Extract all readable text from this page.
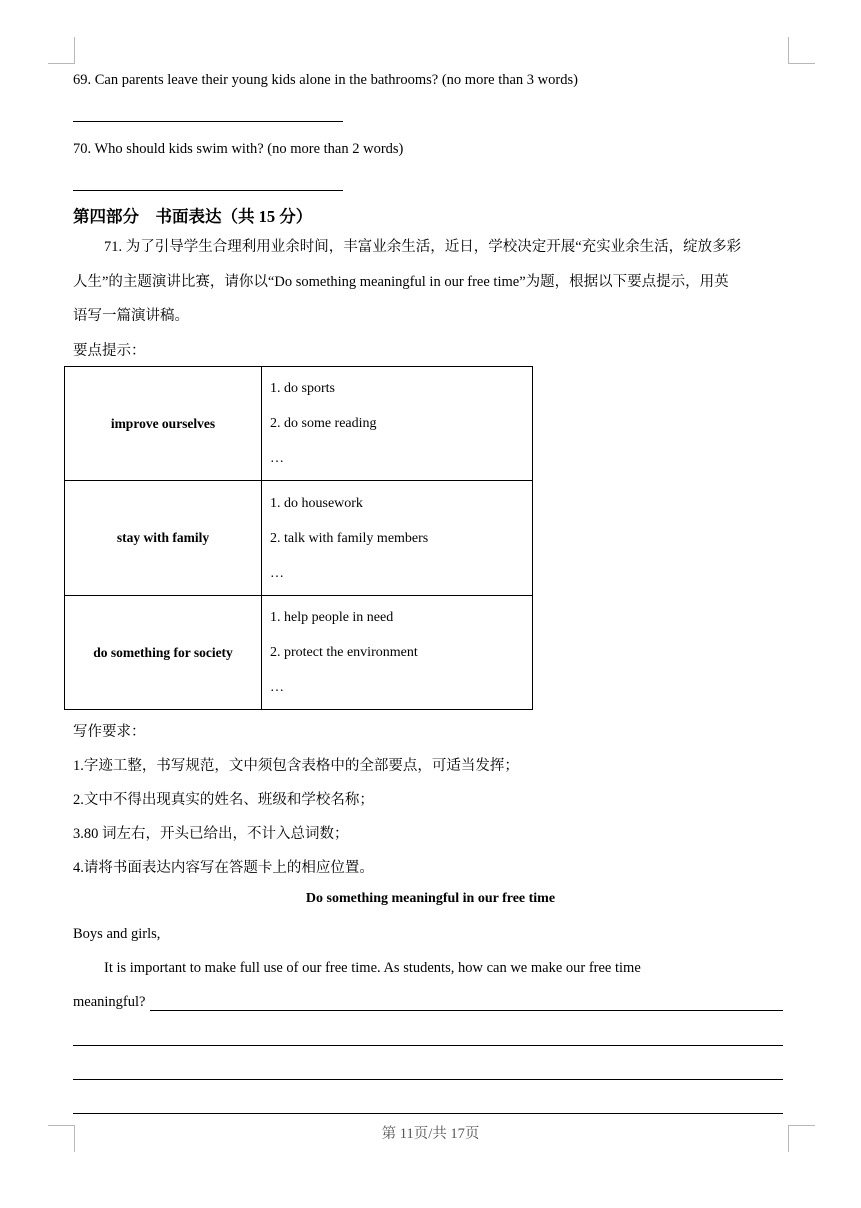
69. Can parents leave their young kids alone in the bathrooms? (no more than 3 words)
70. Who should kids swim with? (no more than 2 words)
第四部分　书面表达（共 15 分）
71. 为了引导学生合理利用业余时间，丰富业余生活，近日，学校决定开展“充实业余生活，绽放多彩
人生”的主题演讲比赛，请你以“Do something meaningful in our free time”为题，根据以下要点提示，用英
语写一篇演讲稿。
要点提示：
improve ourselves	1. do sports
2. do some reading
…

stay with family	1. do housework
2. talk with family members
…

do something for society	1. help people in need
2. protect the environment
…
写作要求：
1.字迹工整，书写规范，文中须包含表格中的全部要点，可适当发挥；
2.文中不得出现真实的姓名、班级和学校名称；
3.80 词左右，开头已给出，不计入总词数；
4.请将书面表达内容写在答题卡上的相应位置。
Do something meaningful in our free time
Boys and girls,
It is important to make full use of our free time. As students, how can we make our free time
meaningful?
第 11页/共 17页
